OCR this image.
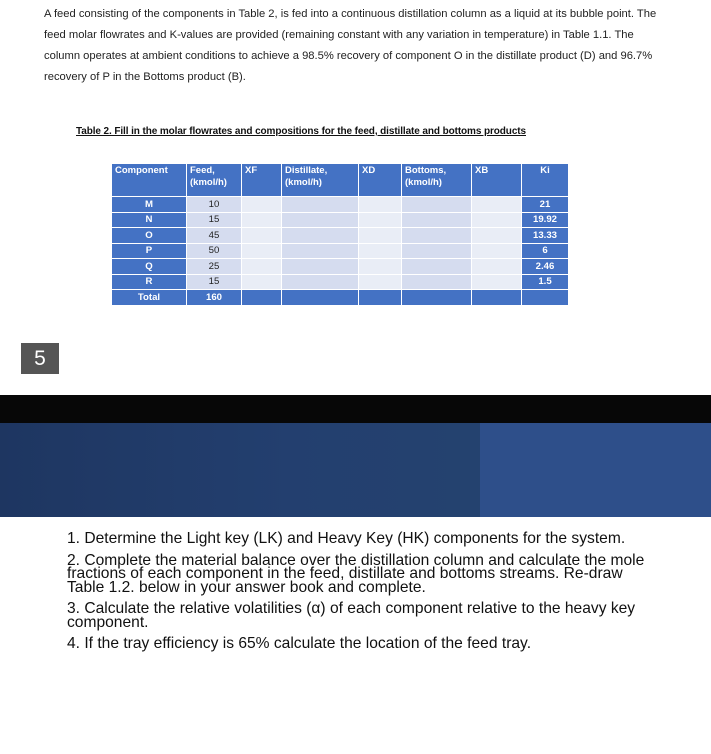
A feed consisting of the components in Table 2, is fed into a continuous distillation column as a liquid at its bubble point. The feed molar flowrates and K-values are provided (remaining constant with any variation in temperature) in Table 1.1. The column operates at ambient conditions to achieve a 98.5% recovery of component O in the distillate product (D) and 96.7% recovery of P in the Bottoms product (B).
Table 2. Fill in the molar flowrates and compositions for the feed, distillate and bottoms products
Component	Feed, (kmol/h)	XF	Distillate, (kmol/h)	XD	Bottoms, (kmol/h)	XB	Ki
M	10						21
N	15						19.92
O	45						13.33
P	50						6
Q	25						2.46
R	15						1.5
Total	160						
5

1. Determine the Light key (LK) and Heavy Key (HK) components for the system.

2. Complete the material balance over the distillation column and calculate the mole fractions of each component in the feed, distillate and bottoms streams. Re-draw Table 1.2. below in your answer book and complete.

3. Calculate the relative volatilities (α) of each component relative to the heavy key component.

4. If the tray efficiency is 65% calculate the location of the feed tray.
